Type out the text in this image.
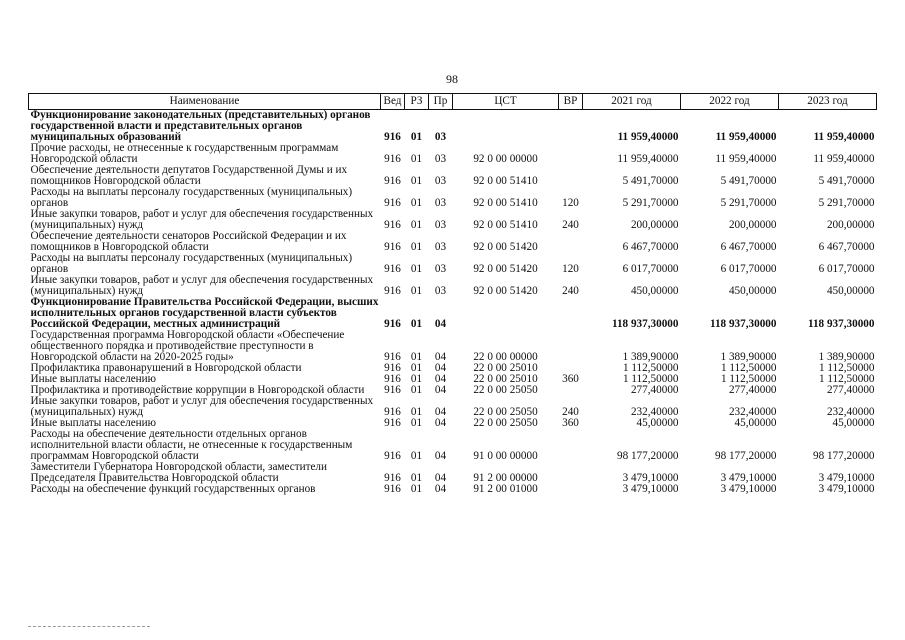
98
Наименование	Вед	РЗ	Пр	ЦСТ	ВР	2021 год	2022 год	2023 год
Функционирование законодательных (представительных) органов государственной власти и представительных органов муниципальных образований	916	01	03			11 959,40000	11 959,40000	11 959,40000
Прочие расходы, не отнесенные к государственным программам Новгородской области	916	01	03	92 0 00 00000		11 959,40000	11 959,40000	11 959,40000
Обеспечение деятельности депутатов Государственной Думы и их помощников Новгородской области	916	01	03	92 0 00 51410		5 491,70000	5 491,70000	5 491,70000
Расходы на выплаты персоналу государственных (муниципальных) органов	916	01	03	92 0 00 51410	120	5 291,70000	5 291,70000	5 291,70000
Иные закупки товаров, работ и услуг для обеспечения государственных (муниципальных) нужд	916	01	03	92 0 00 51410	240	200,00000	200,00000	200,00000
Обеспечение деятельности сенаторов Российской Федерации и их помощников в Новгородской области	916	01	03	92 0 00 51420		6 467,70000	6 467,70000	6 467,70000
Расходы на выплаты персоналу государственных (муниципальных) органов	916	01	03	92 0 00 51420	120	6 017,70000	6 017,70000	6 017,70000
Иные закупки товаров, работ и услуг для обеспечения государственных (муниципальных) нужд	916	01	03	92 0 00 51420	240	450,00000	450,00000	450,00000
Функционирование Правительства Российской Федерации, высших исполнительных органов государственной власти субъектов Российской Федерации, местных администраций	916	01	04			118 937,30000	118 937,30000	118 937,30000
Государственная программа Новгородской области «Обеспечение общественного порядка и противодействие преступности в Новгородской области на 2020-2025 годы»	916	01	04	22 0 00 00000		1 389,90000	1 389,90000	1 389,90000
Профилактика правонарушений в Новгородской области	916	01	04	22 0 00 25010		1 112,50000	1 112,50000	1 112,50000
Иные выплаты населению	916	01	04	22 0 00 25010	360	1 112,50000	1 112,50000	1 112,50000
Профилактика и противодействие коррупции в Новгородской области	916	01	04	22 0 00 25050		277,40000	277,40000	277,40000
Иные закупки товаров, работ и услуг для обеспечения государственных (муниципальных) нужд	916	01	04	22 0 00 25050	240	232,40000	232,40000	232,40000
Иные выплаты населению	916	01	04	22 0 00 25050	360	45,00000	45,00000	45,00000
Расходы на обеспечение деятельности отдельных органов исполнительной власти области, не отнесенные к государственным программам Новгородской области	916	01	04	91 0 00 00000		98 177,20000	98 177,20000	98 177,20000
Заместители Губернатора Новгородской области, заместители Председателя Правительства Новгородской области	916	01	04	91 2 00 00000		3 479,10000	3 479,10000	3 479,10000
Расходы на обеспечение функций государственных органов	916	01	04	91 2 00 01000		3 479,10000	3 479,10000	3 479,10000
